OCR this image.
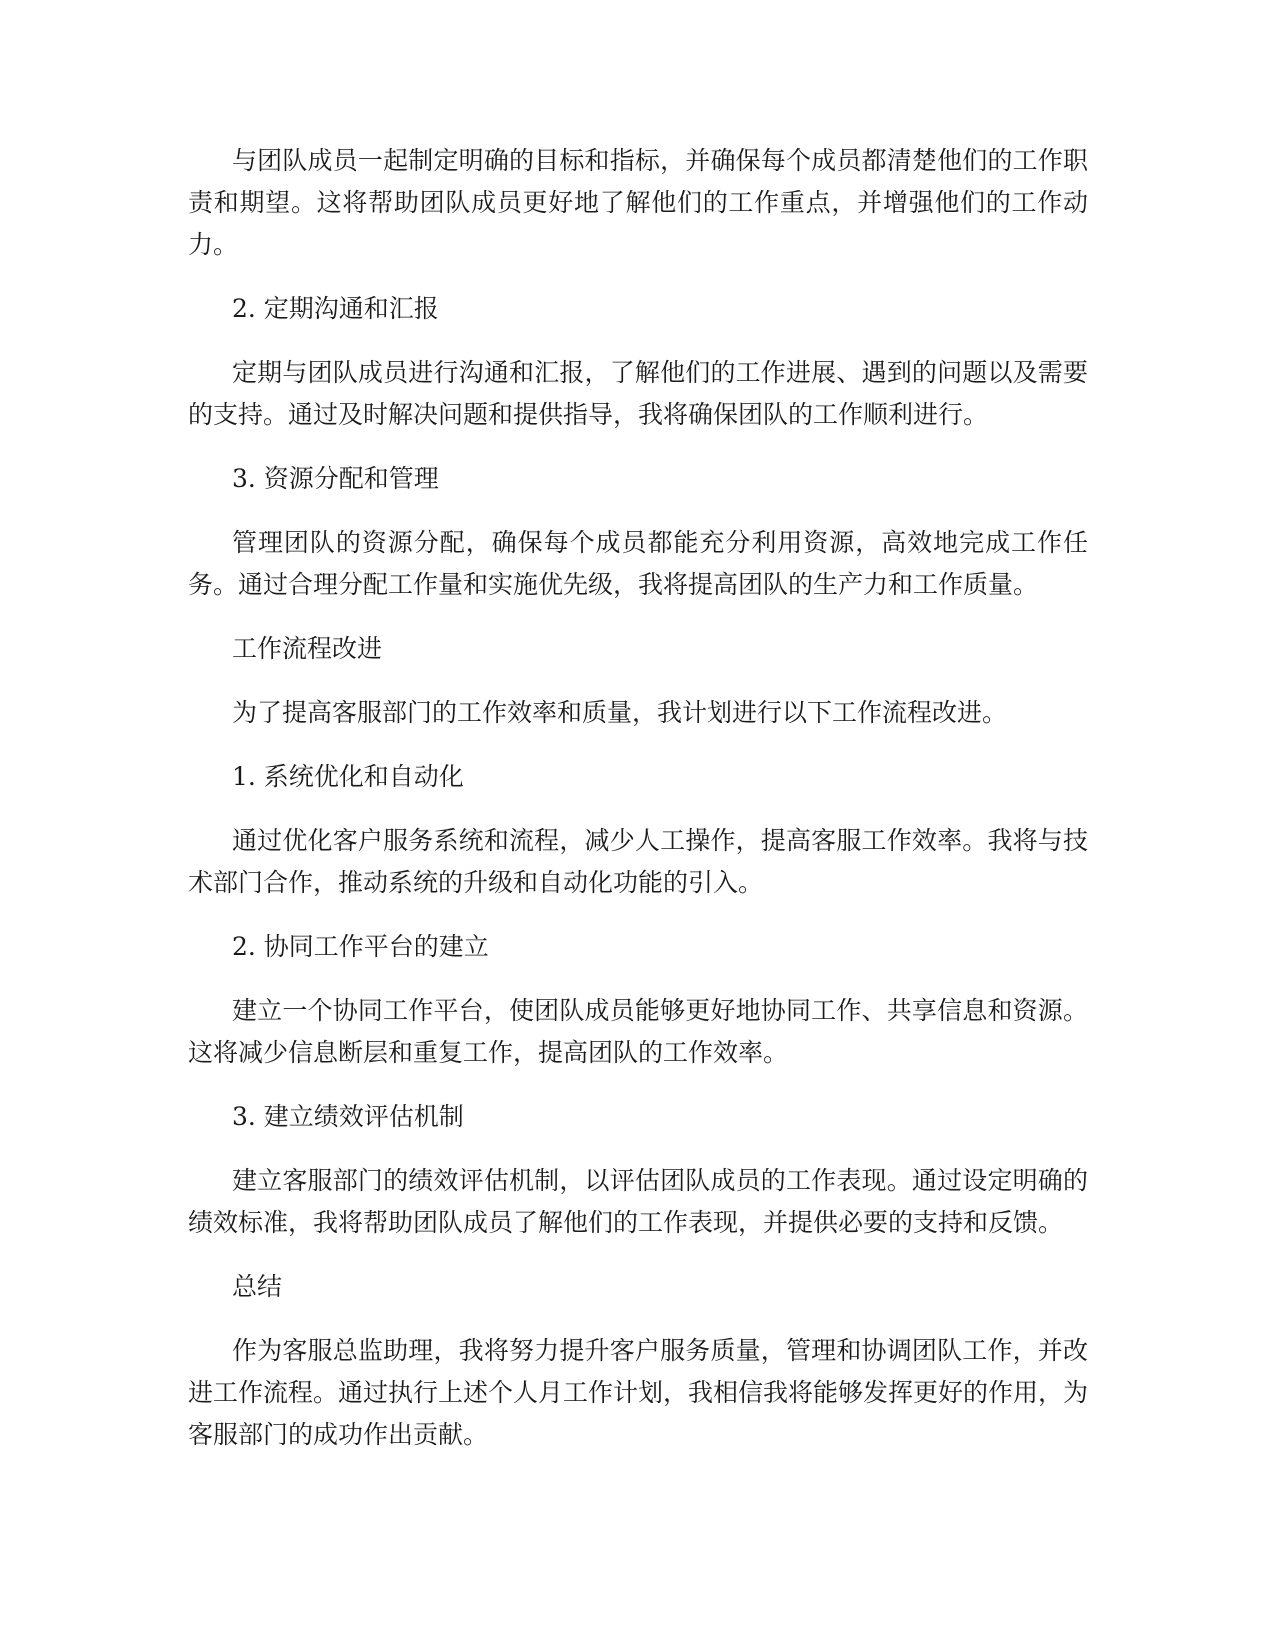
与团队成员一起制定明确的目标和指标，并确保每个成员都清楚他们的工作职责和期望。这将帮助团队成员更好地了解他们的工作重点，并增强他们的工作动力。

2. 定期沟通和汇报

定期与团队成员进行沟通和汇报，了解他们的工作进展、遇到的问题以及需要的支持。通过及时解决问题和提供指导，我将确保团队的工作顺利进行。

3. 资源分配和管理

管理团队的资源分配，确保每个成员都能充分利用资源，高效地完成工作任务。通过合理分配工作量和实施优先级，我将提高团队的生产力和工作质量。

工作流程改进

为了提高客服部门的工作效率和质量，我计划进行以下工作流程改进。

1. 系统优化和自动化

通过优化客户服务系统和流程，减少人工操作，提高客服工作效率。我将与技术部门合作，推动系统的升级和自动化功能的引入。

2. 协同工作平台的建立

建立一个协同工作平台，使团队成员能够更好地协同工作、共享信息和资源。这将减少信息断层和重复工作，提高团队的工作效率。

3. 建立绩效评估机制

建立客服部门的绩效评估机制，以评估团队成员的工作表现。通过设定明确的绩效标准，我将帮助团队成员了解他们的工作表现，并提供必要的支持和反馈。

总结

作为客服总监助理，我将努力提升客户服务质量，管理和协调团队工作，并改进工作流程。通过执行上述个人月工作计划，我相信我将能够发挥更好的作用，为客服部门的成功作出贡献。
